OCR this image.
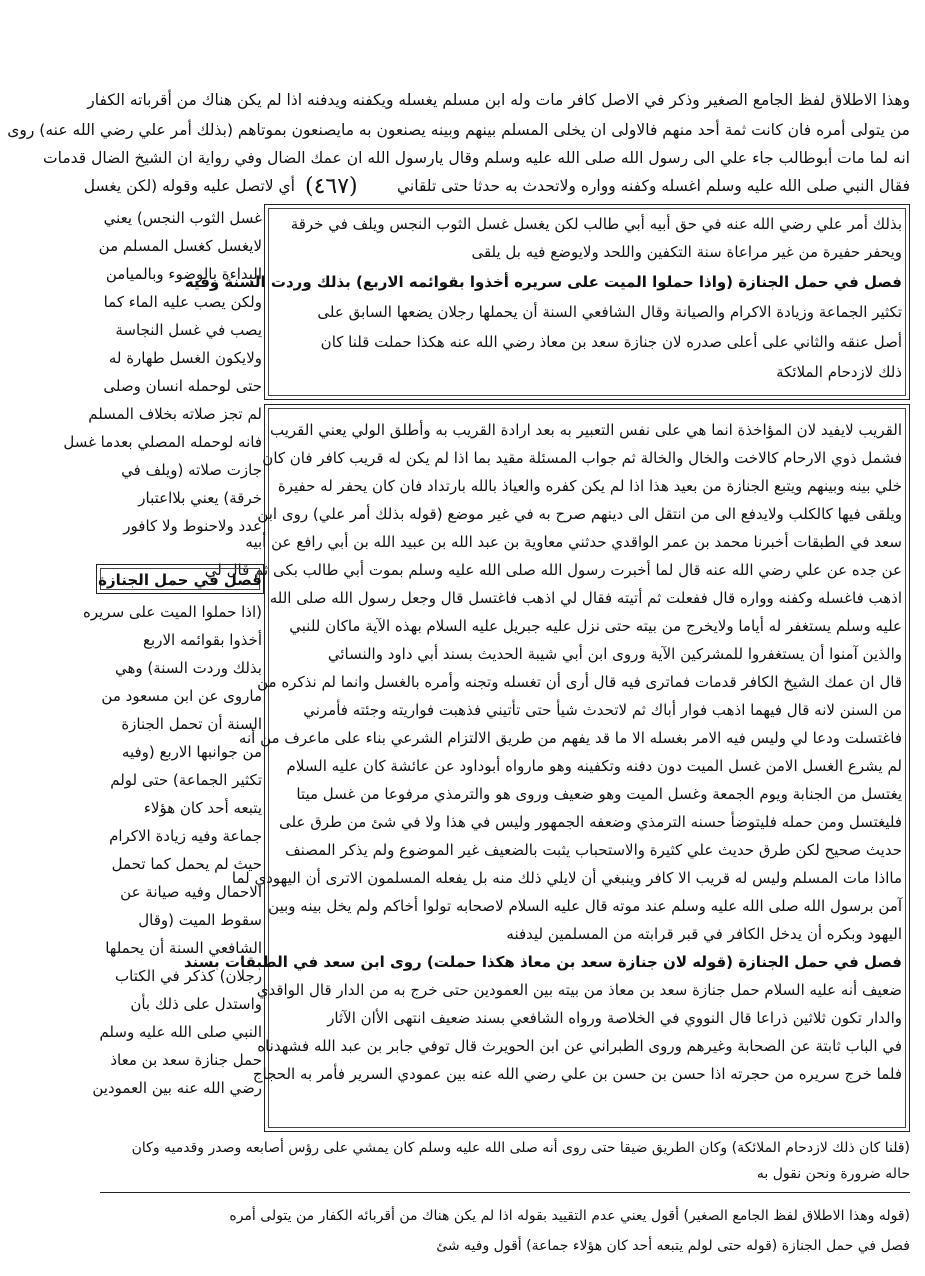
وهذا الاطلاق لفظ الجامع الصغير وذكر في الاصل كافر مات وله ابن مسلم يغسله ويكفنه ويدفنه اذا لم يكن هناك من أقرباته الكفار
من يتولى أمره فان كانت ثمة أحد منهم فالاولى ان يخلى المسلم بينهم وبينه يصنعون به مايصنعون بموتاهم (بذلك أمر علي رضي الله عنه) روى
انه لما مات أبوطالب جاء علي الى رسول الله صلى الله عليه وسلم وقال يارسول الله ان عمك الضال وفي رواية ان الشيخ الضال قدمات
فقال النبي صلى الله عليه وسلم اغسله وكفنه وواره ولاتحدث به حدثا حتى تلقاني
أي لاتصل عليه وقوله (لكن يغسل (٤٦٧)
بذلك أمر علي رضي الله عنه في حق أبيه أبي طالب لكن يغسل غسل الثوب النجس ويلف في خرقة
ويحفر حفيرة من غير مراعاة سنة التكفين واللحد ولايوضع فيه بل يلقى
فصل في حمل الجنازة (واذا حملوا الميت على سريره أخذوا بقوائمه الاربع) بذلك وردت السنة وفيه
تكثير الجماعة وزيادة الاكرام والصيانة وقال الشافعي السنة أن يحملها رجلان يضعها السابق على
أصل عنقه والثاني على أعلى صدره لان جنازة سعد بن معاذ رضي الله عنه هكذا حملت قلنا كان
ذلك لازدحام الملائكة
القريب لايفيد لان المؤاخذة انما هي على نفس التعبير به بعد ارادة القريب به وأطلق الولي يعني القريب
فشمل ذوي الارحام كالاخت والخال والخالة ثم جواب المسئلة مقيد بما اذا لم يكن له قريب كافر فان كان
خلي بينه وبينهم ويتبع الجنازة من بعيد هذا اذا لم يكن كفره والعياذ بالله بارتداد فان كان يحفر له حفيرة
ويلقى فيها كالكلب ولايدفع الى من انتقل الى دينهم صرح به في غير موضع (قوله بذلك أمر علي) روى ابن
سعد في الطبقات أخبرنا محمد بن عمر الواقدي حدثني معاوية بن عبد الله بن عبيد الله بن أبي رافع عن أبيه
عن جده عن علي رضي الله عنه قال لما أخبرت رسول الله صلى الله عليه وسلم بموت أبي طالب بكى ثم قال لي
اذهب فاغسله وكفنه وواره قال ففعلت ثم أتيته فقال لي اذهب فاغتسل قال وجعل رسول الله صلى الله
عليه وسلم يستغفر له أياما ولايخرج من بيته حتى نزل عليه جبريل عليه السلام بهذه الآية ماكان للنبي
والذين آمنوا أن يستغفروا للمشركين الآية وروى ابن أبي شيبة الحديث بسند أبي داود والنسائي
قال ان عمك الشيخ الكافر قدمات فماترى فيه قال أرى أن تغسله وتجنه وأمره بالغسل وانما لم نذكره من
من السنن لانه قال فيهما اذهب فوار أباك ثم لاتحدث شيأ حتى تأتيني فذهبت فواريته وجئته فأمرني
فاغتسلت ودعا لي وليس فيه الامر بغسله الا ما قد يفهم من طريق الالتزام الشرعي بناء على ماعرف من أنه
لم يشرع الغسل الامن غسل الميت دون دفنه وتكفينه وهو مارواه أبوداود عن عائشة كان عليه السلام
يغتسل من الجنابة ويوم الجمعة وغسل الميت وهو ضعيف وروى هو والترمذي مرفوعا من غسل ميتا
فليغتسل ومن حمله فليتوضأ حسنه الترمذي وضعفه الجمهور وليس في هذا ولا في شئ من طرق على
حديث صحيح لكن طرق حديث علي كثيرة والاستحباب يثبت بالضعيف غير الموضوع ولم يذكر المصنف
مااذا مات المسلم وليس له قريب الا كافر وينبغي أن لايلي ذلك منه بل يفعله المسلمون الاترى أن اليهودي لما
آمن برسول الله صلى الله عليه وسلم عند موته قال عليه السلام لاصحابه تولوا أخاكم ولم يخل بينه وبين
اليهود وبكره أن يدخل الكافر في قبر قرابته من المسلمين ليدفنه
فصل في حمل الجنازة (قوله لان جنازة سعد بن معاذ هكذا حملت) روى ابن سعد في الطبقات بسند
ضعيف أنه عليه السلام حمل جنازة سعد بن معاذ من بيته بين العمودين حتى خرج به من الدار قال الواقدي
والدار تكون ثلاثين ذراعا قال النووي في الخلاصة ورواه الشافعي بسند ضعيف انتهى الأان الآثار
في الباب ثابتة عن الصحابة وغيرهم وروى الطبراني عن ابن الحويرث قال توفي جابر بن عبد الله فشهدناه
فلما خرج سريره من حجرته اذا حسن بن حسن بن علي رضي الله عنه بين عمودي السرير فأمر به الحجاج
غسل الثوب النجس) يعني
لايغسل كغسل المسلم من
البداءة بالوضوء وبالميامن
ولكن يصب عليه الماء كما
يصب في غسل النجاسة
ولايكون الغسل طهارة له
حتى لوحمله انسان وصلى
لم تجز صلاته بخلاف المسلم
فانه لوحمله المصلي بعدما غسل
جازت صلاته (ويلف في
خرقة) يعني بلااعتبار
عدد ولاحنوط ولا كافور
فصل في حمل الجنازة
(اذا حملوا الميت على سريره
أخذوا بقوائمه الاربع
بذلك وردت السنة) وهي
ماروى عن ابن مسعود من
السنة أن تحمل الجنازة
من جوانبها الاربع (وفيه
تكثير الجماعة) حتى لولم
يتبعه أحد كان هؤلاء
جماعة وفيه زيادة الاكرام
حيث لم يحمل كما تحمل
الاحمال وفيه صيانة عن
سقوط الميت (وقال
الشافعي السنة أن يحملها
رجلان) كذكر في الكتاب
واستدل على ذلك بأن
النبي صلى الله عليه وسلم
حمل جنازة سعد بن معاذ
رضي الله عنه بين العمودين
(قلنا كان ذلك لازدحام الملائكة) وكان الطريق ضيقا حتى روى أنه صلى الله عليه وسلم كان يمشي على رؤس أصابعه وصدر وقدميه وكان
حاله ضرورة ونحن نقول به
(قوله وهذا الاطلاق لفظ الجامع الصغير) أقول يعني عدم التقييد بقوله اذا لم يكن هناك من أقربائه الكفار من يتولى أمره
فصل في حمل الجنازة (قوله حتى لولم يتبعه أحد كان هؤلاء جماعة) أقول وفيه شئ
